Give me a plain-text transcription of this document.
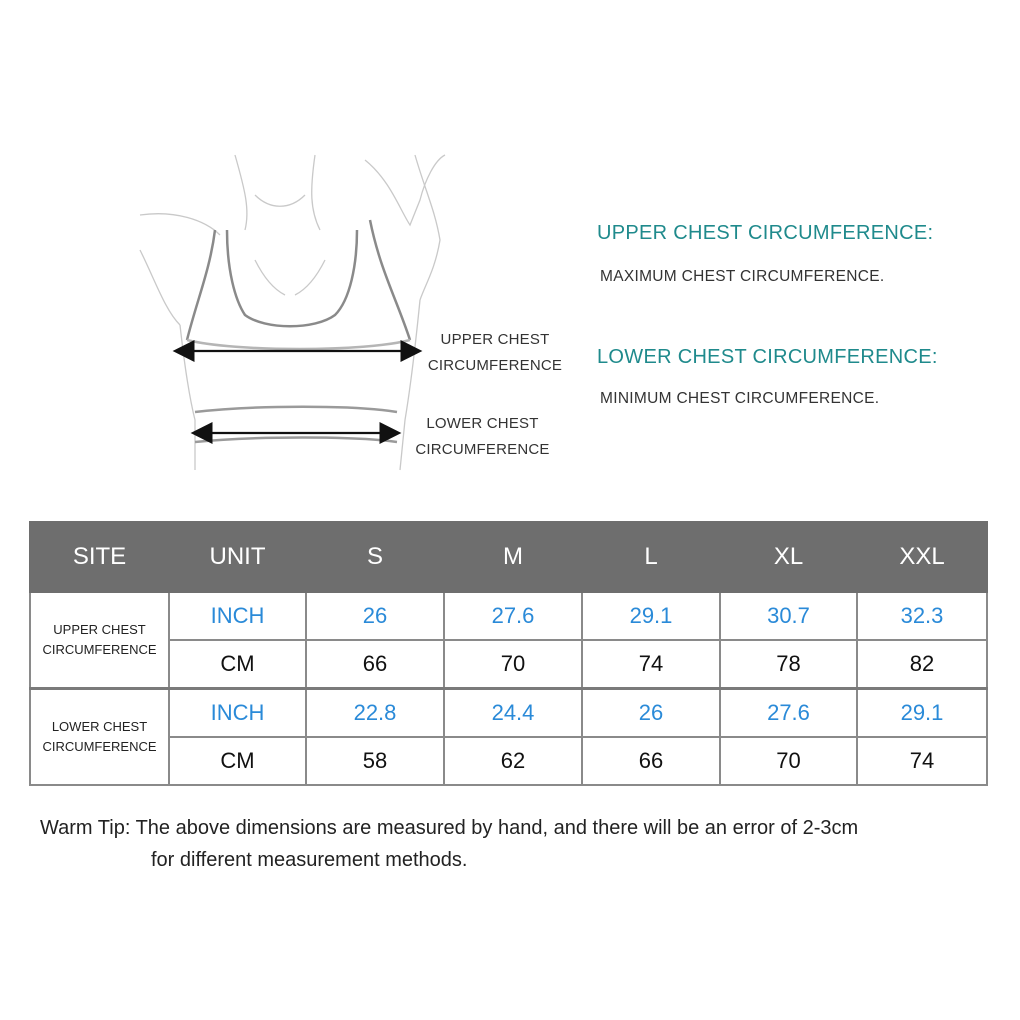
UPPER CHEST
CIRCUMFERENCE
LOWER CHEST
CIRCUMFERENCE
UPPER CHEST CIRCUMFERENCE:
MAXIMUM CHEST CIRCUMFERENCE.
LOWER CHEST CIRCUMFERENCE:
MINIMUM CHEST CIRCUMFERENCE.
SITE	UNIT	S	M	L	XL	XXL

UPPER CHEST
CIRCUMFERENCE	INCH	26	27.6	29.1	30.7	32.3
	CM	66	70	74	78	82

LOWER CHEST
CIRCUMFERENCE	INCH	22.8	24.4	26	27.6	29.1
	CM	58	62	66	70	74
Warm Tip: The above dimensions are measured by hand, and there will be an error of 2-3cm
for different measurement methods.
